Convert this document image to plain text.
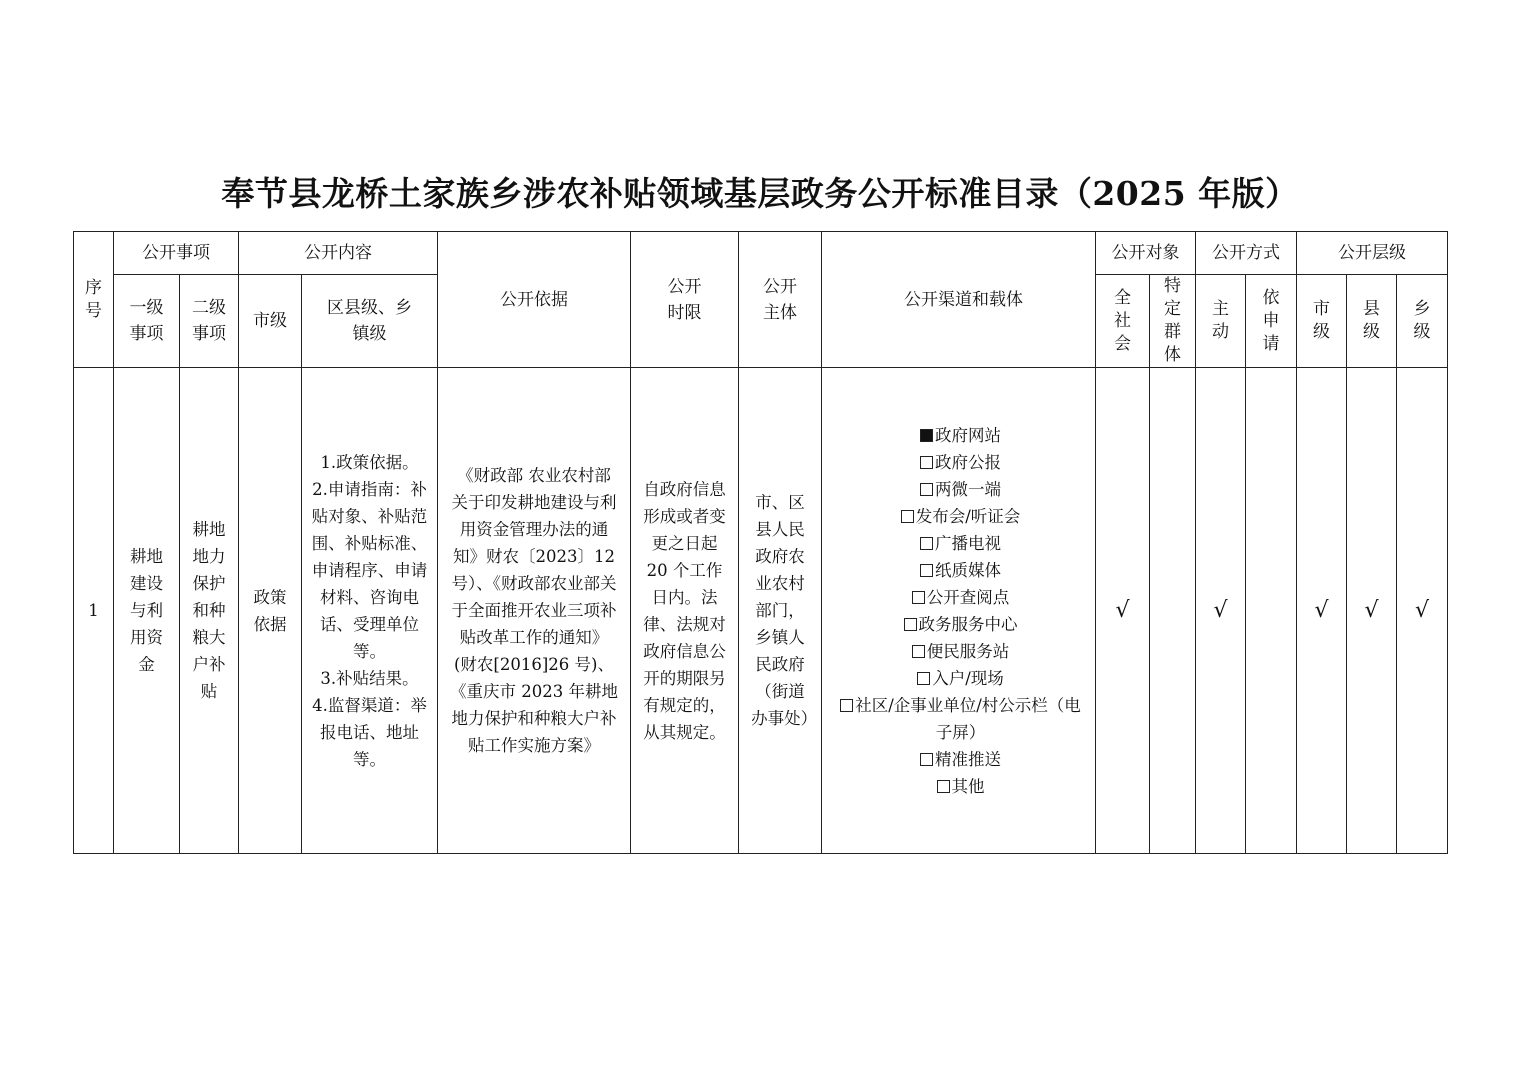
奉节县龙桥土家族乡涉农补贴领域基层政务公开标准目录（2025 年版）
序号	公开事项		公开内容		公开依据	公开时限	公开主体	公开渠道和载体	公开对象		公开方式		公开层级		

	一级事项	二级事项	市级	区县级、乡镇级					全社会	特定群体	主动	依申请	市级	县级	乡级

1	耕地建设与利用资金	耕地地力保护和种粮大户补贴	政策依据	1.政策依据。
2.申请指南：补贴对象、补贴范围、补贴标准、申请程序、申请材料、咨询电话、受理单位等。
3.补贴结果。
4.监督渠道：举报电话、地址等。	《财政部 农业农村部关于印发耕地建设与利用资金管理办法的通知》财农〔2023〕12 号）、《财政部农业部关于全面推开农业三项补贴改革工作的通知》(财农[2016]26 号)、《重庆市 2023 年耕地地力保护和种粮大户补贴工作实施方案》	自政府信息形成或者变更之日起 20 个工作日内。法律、法规对政府信息公开的期限另有规定的，从其规定。	市、区县人民政府农业农村部门，乡镇人民政府（街道办事处）	政府网站政府公报两微一端发布会/听证会广播电视纸质媒体公开查阅点政务服务中心便民服务站入户/现场社区/企事业单位/村公示栏（电子屏）精准推送其他	√		√		√	√	√
